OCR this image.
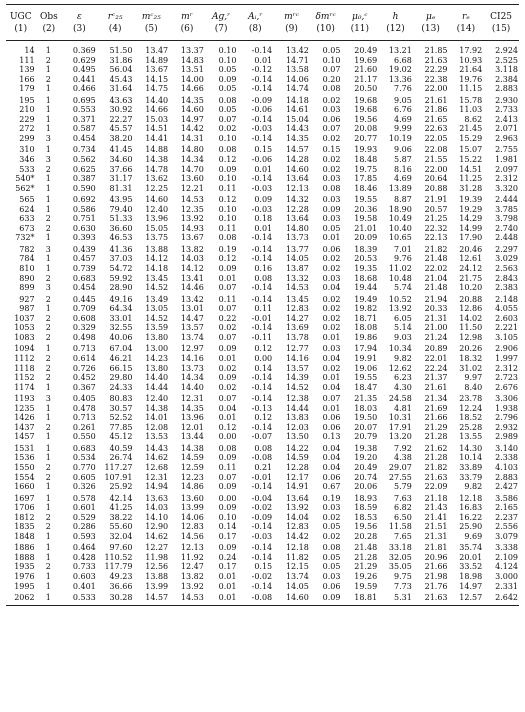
UGC	Obs	ε	rᶜ₂₅	mᶜ₂₅	mʳ	Aɡ,ʳ	Aᵢ,ʳ	mʳᶜ	δmʳᶜ	μ₀,ᶜ	h	μₑ	rₑ	CI25
(1)	(2)	(3)	(4)	(5)	(6)	(7)	(8)	(9)	(10)	(11)	(12)	(13)	(14)	(15)
14	1	0.369	51.50	13.47	13.37	0.10	-0.14	13.42	0.05	20.49	13.21	21.85	17.92	2.924
111	2	0.629	31.86	14.89	14.83	0.10	0.01	14.71	0.10	19.69	6.68	21.63	10.93	2.525
139	1	0.495	56.04	13.67	13.51	0.05	-0.12	13.58	0.07	21.60	19.02	22.29	21.64	3.118
166	2	0.441	45.43	14.15	14.00	0.09	-0.14	14.06	0.20	21.17	13.36	22.38	19.76	2.384
179	1	0.466	31.64	14.75	14.66	0.05	-0.14	14.74	0.08	20.50	7.76	22.00	11.15	2.883
195	1	0.695	43.63	14.40	14.35	0.08	-0.09	14.18	0.02	19.68	9.05	21.61	15.78	2.930
210	1	0.553	30.92	14.66	14.60	0.05	-0.06	14.61	0.03	19.68	6.76	21.86	11.03	2.733
229	1	0.371	22.27	15.03	14.97	0.07	-0.14	15.04	0.06	19.56	4.69	21.65	8.62	2.413
272	1	0.587	45.57	14.51	14.42	0.02	-0.03	14.43	0.07	20.08	9.99	22.63	21.45	2.071
299	3	0.454	38.20	14.41	14.31	0.10	-0.14	14.35	0.02	20.77	10.19	22.05	15.29	2.963
310	1	0.734	41.45	14.88	14.80	0.08	0.15	14.57	0.15	19.93	9.06	22.08	15.07	2.755
346	3	0.562	34.60	14.38	14.34	0.12	-0.06	14.28	0.02	18.48	5.87	21.55	15.22	1.981
533	2	0.625	37.66	14.78	14.70	0.09	0.01	14.60	0.02	19.75	8.16	22.00	14.51	2.097
540*	1	0.387	31.17	13.62	13.60	0.10	-0.14	13.64	0.03	17.85	4.69	20.64	11.25	2.312
562*	1	0.590	81.31	12.25	12.21	0.11	-0.03	12.13	0.08	18.46	13.89	20.88	31.28	3.320
565	1	0.692	43.95	14.60	14.53	0.12	0.09	14.32	0.03	19.55	8.87	21.91	19.39	2.444
624	1	0.586	79.40	12.40	12.35	0.10	-0.03	12.28	0.09	20.36	18.90	20.57	19.29	3.785
633	2	0.751	51.33	13.96	13.92	0.10	0.18	13.64	0.03	19.58	10.49	21.25	14.29	3.798
673	2	0.630	36.60	15.05	14.93	0.11	0.01	14.80	0.05	21.01	10.40	22.32	14.99	2.740
732*	1	0.393	46.53	13.75	13.67	0.08	-0.14	13.73	0.01	20.09	10.65	22.13	17.90	2.448
782	3	0.439	41.36	13.88	13.82	0.19	-0.14	13.77	0.06	18.39	7.01	21.82	20.46	2.297
784	1	0.457	37.03	14.12	14.03	0.12	-0.14	14.05	0.02	20.53	9.76	21.48	12.61	3.029
810	1	0.739	54.72	14.18	14.12	0.09	0.16	13.87	0.02	19.35	11.02	22.02	24.12	2.563
890	2	0.683	59.92	13.45	13.41	0.01	0.08	13.32	0.03	18.68	10.48	21.04	21.75	2.843
899	3	0.454	28.90	14.52	14.46	0.07	-0.14	14.53	0.04	19.44	5.74	21.48	10.20	2.383
927	2	0.445	49.16	13.49	13.42	0.11	-0.14	13.45	0.02	19.49	10.52	21.94	20.88	2.148
987	1	0.709	64.34	13.05	13.01	0.07	0.11	12.83	0.02	19.82	13.92	20.33	12.86	4.055
1037	2	0.608	33.01	14.52	14.47	0.22	-0.01	14.27	0.02	18.71	6.05	21.31	14.02	2.603
1053	2	0.329	32.55	13.59	13.57	0.02	-0.14	13.69	0.02	18.08	5.14	21.00	11.50	2.221
1083	2	0.498	40.06	13.80	13.74	0.07	-0.11	13.78	0.01	19.86	9.03	21.24	12.98	3.105
1094	1	0.713	67.04	13.00	12.97	0.09	0.12	12.77	0.03	17.94	10.34	20.89	20.26	2.906
1112	2	0.614	46.21	14.23	14.16	0.01	0.00	14.16	0.04	19.91	9.82	22.01	18.32	1.997
1118	2	0.726	66.15	13.80	13.73	0.02	0.14	13.57	0.02	19.06	12.62	22.24	31.02	2.312
1152	2	0.452	29.80	14.40	14.34	0.09	-0.14	14.39	0.01	19.55	6.23	21.37	9.97	2.723
1174	1	0.367	24.33	14.44	14.40	0.02	-0.14	14.52	0.04	18.47	4.30	21.61	8.40	2.676
1193	3	0.405	80.83	12.40	12.31	0.07	-0.14	12.38	0.07	21.35	24.58	21.34	23.78	3.306
1235	1	0.478	30.57	14.38	14.35	0.04	-0.13	14.44	0.01	18.03	4.81	21.69	12.24	1.938
1426	1	0.713	52.52	14.01	13.96	0.01	0.12	13.83	0.06	19.50	10.31	21.66	18.52	2.796
1437	2	0.261	77.85	12.08	12.01	0.12	-0.14	12.03	0.06	20.07	17.91	21.29	25.28	2.932
1457	1	0.550	45.12	13.53	13.44	0.00	-0.07	13.50	0.13	20.79	13.20	21.28	13.55	2.989
1531	1	0.683	40.59	14.43	14.38	0.08	0.08	14.22	0.04	19.38	7.92	21.62	14.30	3.140
1536	1	0.534	26.74	14.62	14.59	0.09	-0.08	14.59	0.04	19.20	4.38	21.28	10.14	2.338
1550	2	0.770	117.27	12.68	12.59	0.11	0.21	12.28	0.04	20.49	29.07	21.82	33.89	4.103
1554	2	0.605	107.91	12.31	12.23	0.07	-0.01	12.17	0.06	20.74	27.55	21.63	33.79	2.883
1660	1	0.326	25.92	14.94	14.86	0.09	-0.14	14.91	0.67	20.06	5.79	22.09	9.82	2.427
1697	1	0.578	42.14	13.63	13.60	0.00	-0.04	13.64	0.19	18.93	7.63	21.18	12.18	3.586
1706	1	0.601	41.25	14.03	13.99	0.09	-0.02	13.92	0.03	18.59	6.82	21.43	16.83	2.165
1812	2	0.529	38.22	14.10	14.06	0.10	-0.09	14.04	0.02	18.53	6.50	21.41	16.22	2.237
1835	2	0.286	55.60	12.90	12.83	0.14	-0.14	12.83	0.05	19.56	11.58	21.51	25.90	2.556
1848	1	0.593	32.04	14.62	14.56	0.17	-0.03	14.42	0.02	20.28	7.65	21.31	9.69	3.079
1886	1	0.464	97.60	12.27	12.13	0.09	-0.14	12.18	0.08	21.48	33.18	21.81	35.74	3.338
1888	1	0.428	110.52	11.98	11.92	0.24	-0.14	11.82	0.05	21.28	32.05	20.96	20.01	2.109
1935	2	0.733	117.79	12.56	12.47	0.17	0.15	12.15	0.05	21.29	35.05	21.66	33.52	4.124
1976	1	0.603	49.23	13.88	13.82	0.01	-0.02	13.74	0.03	19.26	9.75	21.98	18.98	3.000
1995	1	0.401	36.66	13.99	13.92	0.01	-0.14	14.05	0.06	19.59	7.73	21.76	14.97	2.331
2062	1	0.533	30.28	14.57	14.53	0.01	-0.08	14.60	0.09	18.81	5.31	21.63	12.57	2.642
